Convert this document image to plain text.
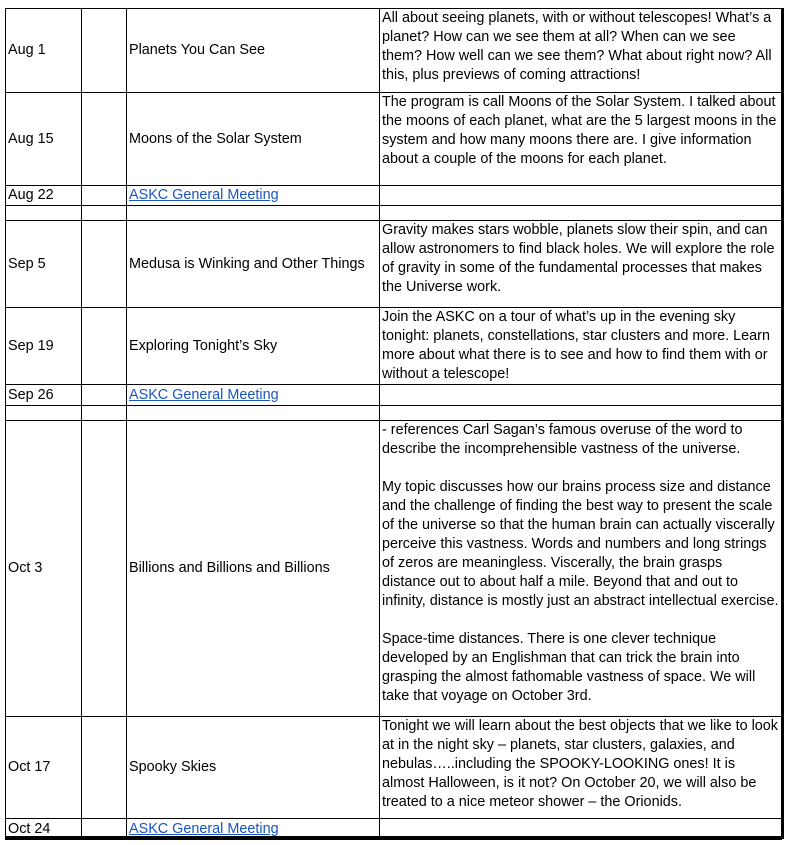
Aug 1		Planets You Can See	All about seeing planets, with or without telescopes! What’s a planet? How can we see them at all? When can we see them? How well can we see them? What about right now? All this, plus previews of coming attractions!

Aug 15		Moons of the Solar System	The program is call Moons of the Solar System. I talked about the moons of each planet, what are the 5 largest moons in the system and how many moons there are. I give information about a couple of the moons for each planet.

Aug 22		ASKC General Meeting	

Sep 5		Medusa is Winking and Other Things	Gravity makes stars wobble, planets slow their spin, and can allow astronomers to find black holes. We will explore the role of gravity in some of the fundamental processes that makes the Universe work.

Sep 19		Exploring Tonight’s Sky	Join the ASKC on a tour of what’s up in the evening sky tonight: planets, constellations, star clusters and more. Learn more about what there is to see and how to find them with or without a telescope!

Sep 26		ASKC General Meeting	

Oct 3		Billions and Billions and Billions	- references Carl Sagan’s famous overuse of the word to describe the incomprehensible vastness of the universe.

My topic discusses how our brains process size and distance and the challenge of finding the best way to present the scale of the universe so that the human brain can actually viscerally perceive this vastness. Words and numbers and long strings of zeros are meaningless. Viscerally, the brain grasps distance out to about half a mile. Beyond that and out to infinity, distance is mostly just an abstract intellectual exercise.

Space-time distances. There is one clever technique developed by an Englishman that can trick the brain into grasping the almost fathomable vastness of space. We will take that voyage on October 3rd.

Oct 17		Spooky Skies	Tonight we will learn about the best objects that we like to look at in the night sky – planets, star clusters, galaxies, and nebulas…..including the SPOOKY-LOOKING ones! It is almost Halloween, is it not? On October 20, we will also be treated to a nice meteor shower – the Orionids.

Oct 24		ASKC General Meeting	
